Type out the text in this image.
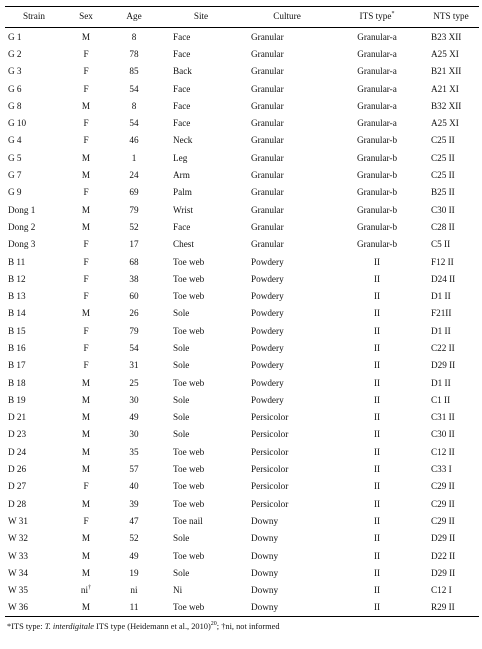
Strain	Sex	Age	Site	Culture	ITS type*	NTS type
G 1	M	8	Face	Granular	Granular-a	B23 XII
G 2	F	78	Face	Granular	Granular-a	A25 XI
G 3	F	85	Back	Granular	Granular-a	B21 XII
G 6	F	54	Face	Granular	Granular-a	A21 XI
G 8	M	8	Face	Granular	Granular-a	B32 XII
G 10	F	54	Face	Granular	Granular-a	A25 XI
G 4	F	46	Neck	Granular	Granular-b	C25 II
G 5	M	1	Leg	Granular	Granular-b	C25 II
G 7	M	24	Arm	Granular	Granular-b	C25 II
G 9	F	69	Palm	Granular	Granular-b	B25 II
Dong 1	M	79	Wrist	Granular	Granular-b	C30 II
Dong 2	M	52	Face	Granular	Granular-b	C28 II
Dong 3	F	17	Chest	Granular	Granular-b	C5 II
B 11	F	68	Toe web	Powdery	II	F12 II
B 12	F	38	Toe web	Powdery	II	D24 II
B 13	F	60	Toe web	Powdery	II	D1 II
B 14	M	26	Sole	Powdery	II	F21II
B 15	F	79	Toe web	Powdery	II	D1 II
B 16	F	54	Sole	Powdery	II	C22 II
B 17	F	31	Sole	Powdery	II	D29 II
B 18	M	25	Toe web	Powdery	II	D1 II
B 19	M	30	Sole	Powdery	II	C1 II
D 21	M	49	Sole	Persicolor	II	C31 II
D 23	M	30	Sole	Persicolor	II	C30 II
D 24	M	35	Toe web	Persicolor	II	C12 II
D 26	M	57	Toe web	Persicolor	II	C33 I
D 27	F	40	Toe web	Persicolor	II	C29 II
D 28	M	39	Toe web	Persicolor	II	C29 II
W 31	F	47	Toe nail	Downy	II	C29 II
W 32	M	52	Sole	Downy	II	D29 II
W 33	M	49	Toe web	Downy	II	D22 II
W 34	M	19	Sole	Downy	II	D29 II
W 35	ni†	ni	Ni	Downy	II	C12 I
W 36	M	11	Toe web	Downy	II	R29 II
*ITS type: T. interdigitale ITS type (Heidemann et al., 2010)$^{20}$; †ni, not informed
